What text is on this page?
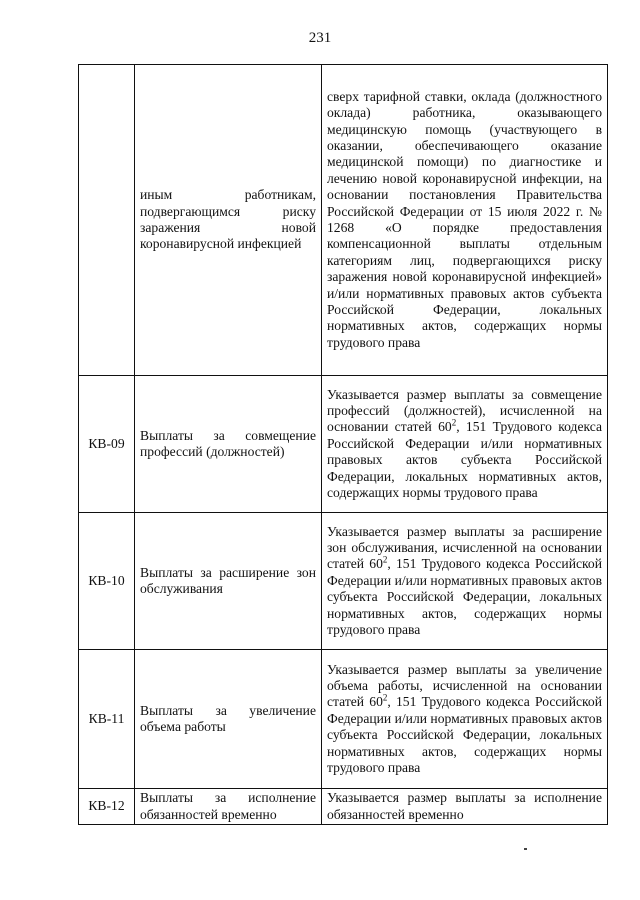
231
	иным работникам, подвергающимся риску заражения новой коронавирусной инфекцией	сверх тарифной ставки, оклада (должностного оклада) работника, оказывающего медицинскую помощь (участвующего в оказании, обеспечивающего оказание медицинской помощи) по диагностике и лечению новой коронавирусной инфекции, на основании постановления Правительства Российской Федерации от 15 июля 2022 г. № 1268 «О порядке предоставления компенсационной выплаты отдельным категориям лиц, подвергающихся риску заражения новой коронавирусной инфекцией» и/или нормативных правовых актов субъекта Российской Федерации, локальных нормативных актов, содержащих нормы трудового права
КВ-09	Выплаты за совмещение профессий (должностей)	Указывается размер выплаты за совмещение профессий (должностей), исчисленной на основании статей $60^2$, 151 Трудового кодекса Российской Федерации и/или нормативных правовых актов субъекта Российской Федерации, локальных нормативных актов, содержащих нормы трудового права
КВ-10	Выплаты за расширение зон обслуживания	Указывается размер выплаты за расширение зон обслуживания, исчисленной на основании статей $60^2$, 151 Трудового кодекса Российской Федерации и/или нормативных правовых актов субъекта Российской Федерации, локальных нормативных актов, содержащих нормы трудового права
КВ-11	Выплаты за увеличение объема работы	Указывается размер выплаты за увеличение объема работы, исчисленной на основании статей $60^2$, 151 Трудового кодекса Российской Федерации и/или нормативных правовых актов субъекта Российской Федерации, локальных нормативных актов, содержащих нормы трудового права
КВ-12	Выплаты за исполнение обязанностей временно	Указывается размер выплаты за исполнение обязанностей временно
